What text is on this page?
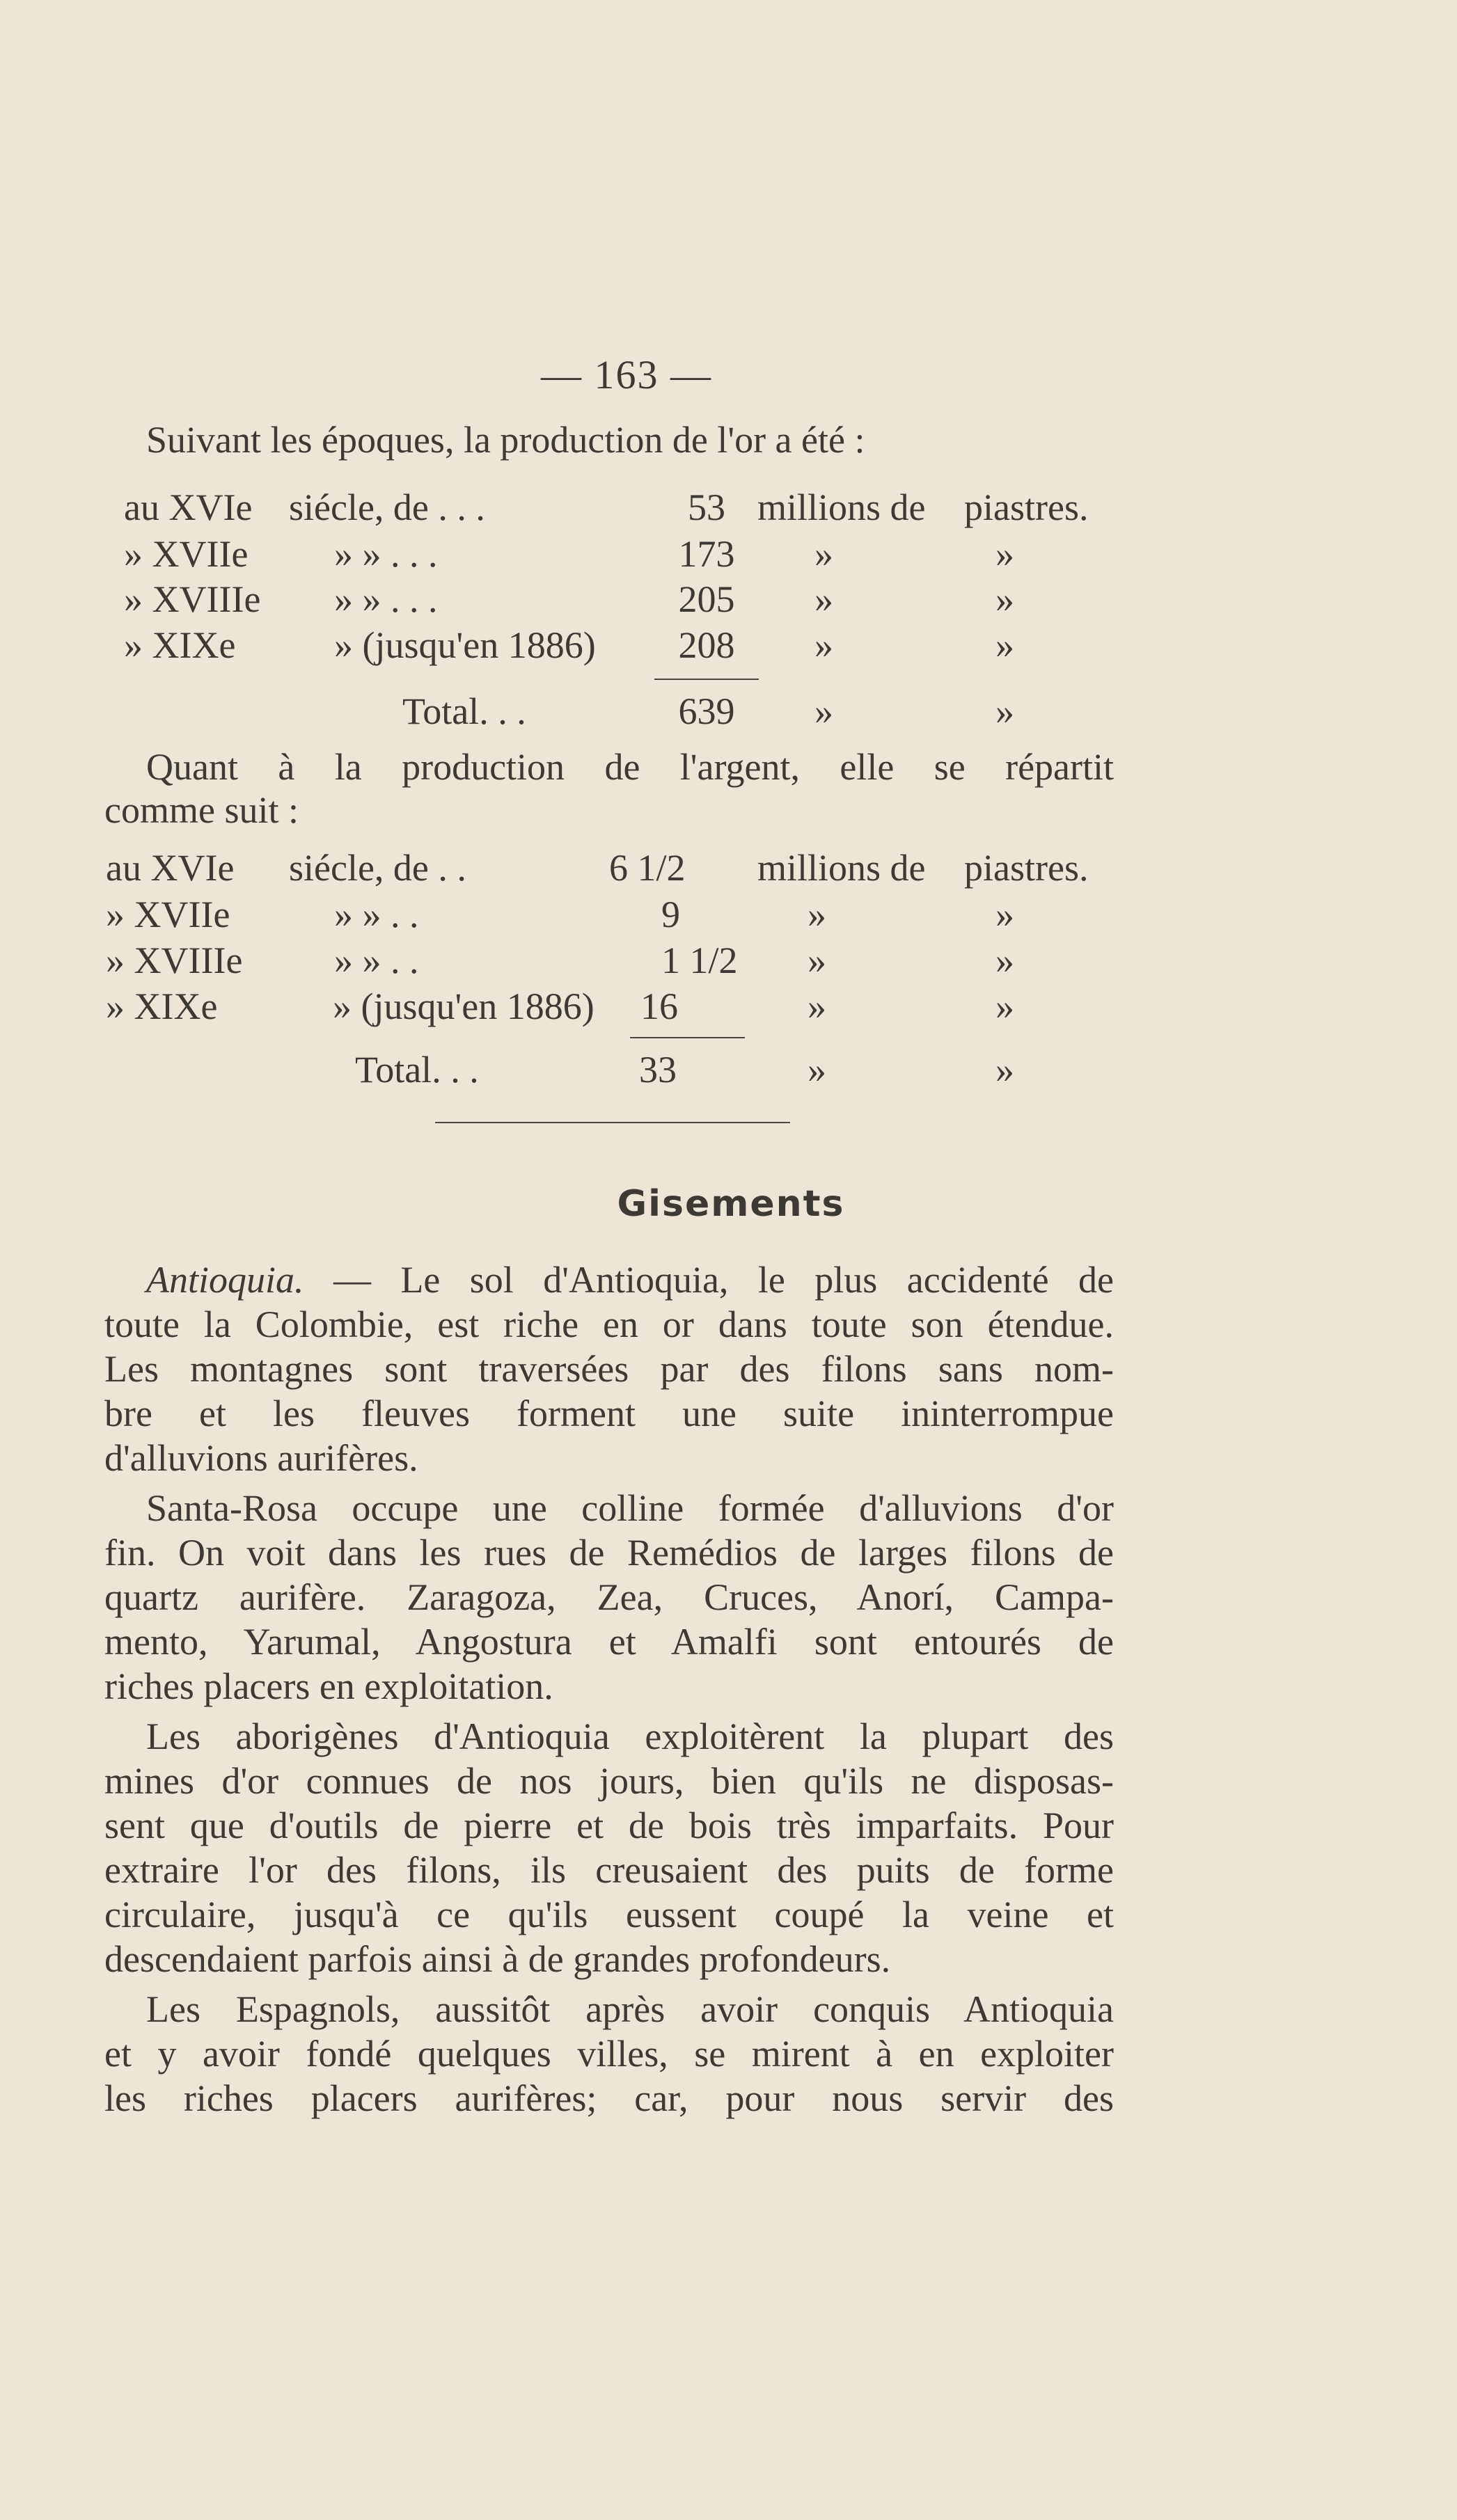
— 163 —
Suivant les époques, la production de l'or a été :
au XVIe siécle, de . . .	53 millions de piastres.
» XVIIe » » . . .	173	»	»
» XVIIIe » » . . .	205	»	»
» XIXe	» (jusqu'en 1886)	208	»	»
Total. . .	639	»	»
Quant à la production de l'argent, elle se répartit
comme suit :
au XVIe siécle, de . .	6 1/2 millions de piastres.
» XVIIe	» » . .	9	»	»
» XVIIIe » » . .	1 1/2 »	»
» XIXe	» (jusqu'en 1886) 16	»	»
Total. . .	33	»	»
Gisements
Antioquia. — Le sol d'Antioquia, le plus accidenté de
toute la Colombie, est riche en or dans toute son étendue.
Les montagnes sont traversées par des filons sans nom-
bre et les fleuves forment une suite ininterrompue
d'alluvions aurifères.
Santa-Rosa occupe une colline formée d'alluvions d'or
fin. On voit dans les rues de Remédios de larges filons de
quartz aurifère. Zaragoza, Zea, Cruces, Anorí, Campa-
mento, Yarumal, Angostura et Amalfi sont entourés de
riches placers en exploitation.
Les aborigènes d'Antioquia exploitèrent la plupart des
mines d'or connues de nos jours, bien qu'ils ne disposas-
sent que d'outils de pierre et de bois très imparfaits. Pour
extraire l'or des filons, ils creusaient des puits de forme
circulaire, jusqu'à ce qu'ils eussent coupé la veine et
descendaient parfois ainsi à de grandes profondeurs.
Les Espagnols, aussitôt après avoir conquis Antioquia
et y avoir fondé quelques villes, se mirent à en exploiter
les riches placers aurifères; car, pour nous servir des
